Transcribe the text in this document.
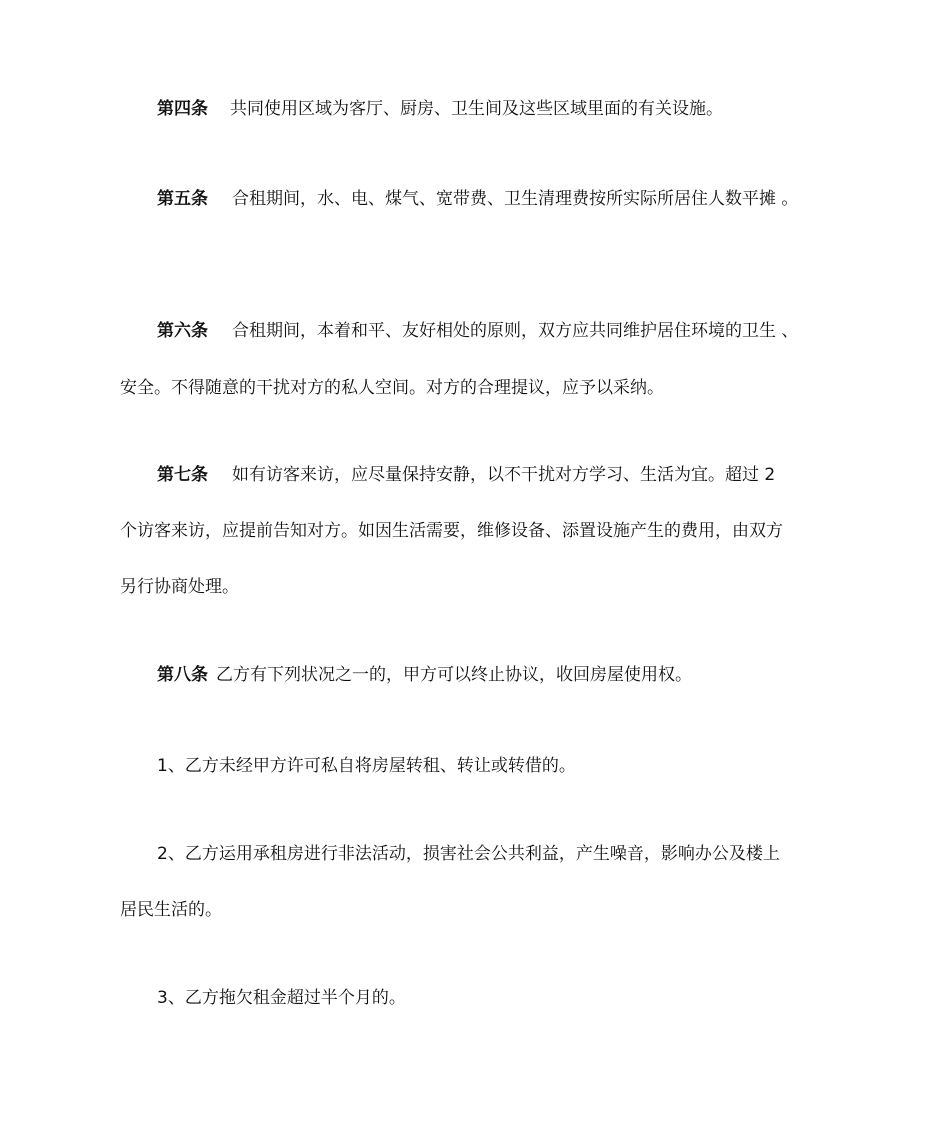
第四条 共同使用区域为客厅、厨房、卫生间及这些区域里面的有关设施。
第五条 合租期间，水、电、煤气、宽带费、卫生清理费按所实际所居住人数平摊 。
第六条 合租期间，本着和平、友好相处的原则，双方应共同维护居住环境的卫生 、
安全。不得随意的干扰对方的私人空间。对方的合理提议，应予以采纳。
第七条 如有访客来访，应尽量保持安静，以不干扰对方学习、生活为宜。超过 2
个访客来访，应提前告知对方。如因生活需要，维修设备、添置设施产生的费用，由双方
另行协商处理。
第八条 乙方有下列状况之一的，甲方可以终止协议，收回房屋使用权。
1、乙方未经甲方许可私自将房屋转租、转让或转借的。
2、乙方运用承租房进行非法活动，损害社会公共利益，产生噪音，影响办公及楼上
居民生活的。
3、乙方拖欠租金超过半个月的。
